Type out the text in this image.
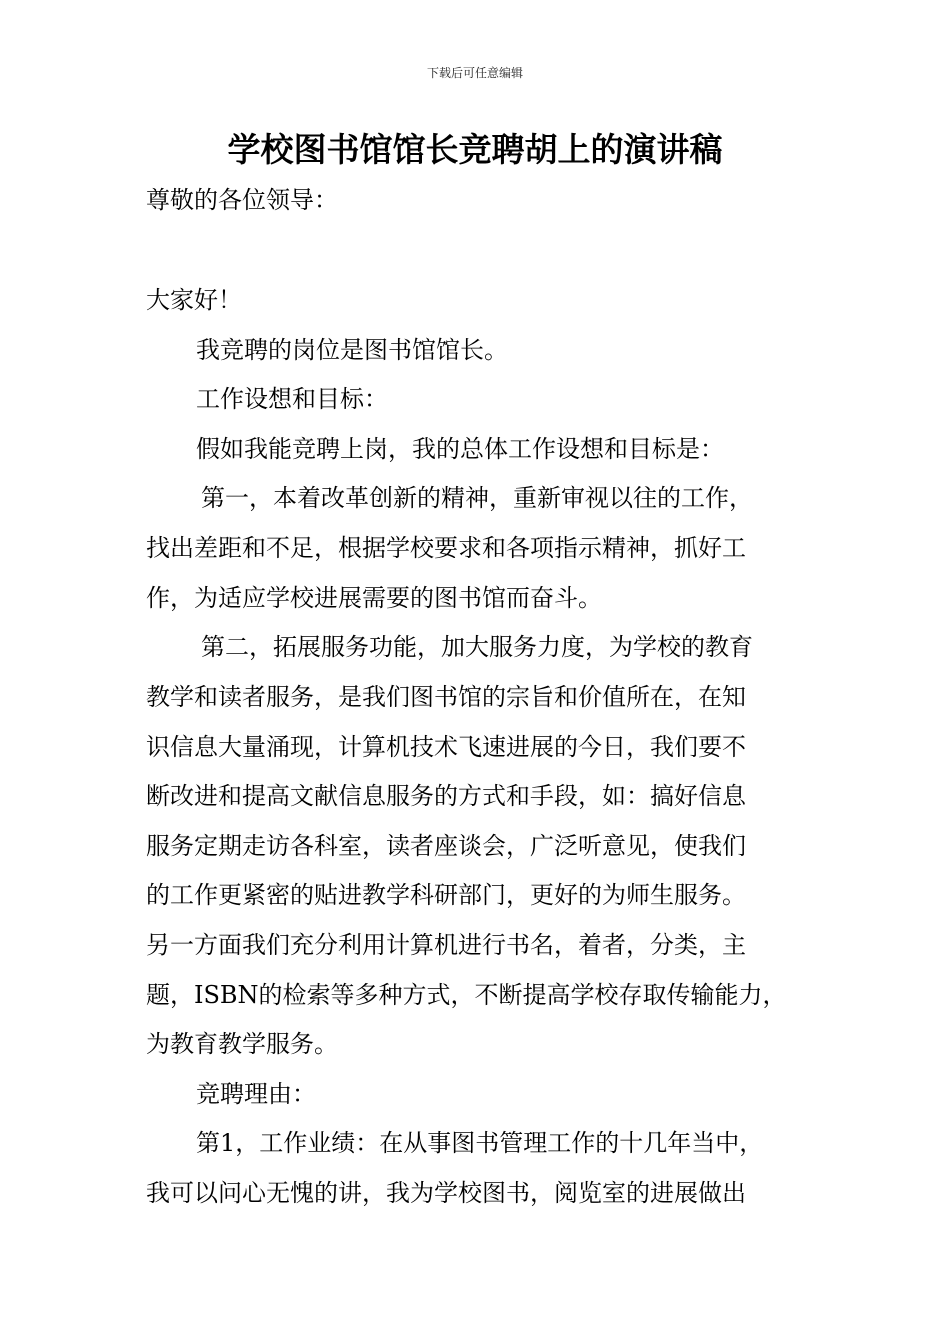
下载后可任意编辑
学校图书馆馆长竞聘胡上的演讲稿
尊敬的各位领导：
大家好！
我竞聘的岗位是图书馆馆长。
工作设想和目标：
假如我能竞聘上岗，我的总体工作设想和目标是：
第一，本着改革创新的精神，重新审视以往的工作，
找出差距和不足，根据学校要求和各项指示精神，抓好工
作，为适应学校进展需要的图书馆而奋斗。
第二，拓展服务功能，加大服务力度，为学校的教育
教学和读者服务，是我们图书馆的宗旨和价值所在，在知
识信息大量涌现，计算机技术飞速进展的今日，我们要不
断改进和提高文献信息服务的方式和手段，如：搞好信息
服务定期走访各科室，读者座谈会，广泛听意见，使我们
的工作更紧密的贴进教学科研部门，更好的为师生服务。
另一方面我们充分利用计算机进行书名，着者，分类，主
题，ISBN的检索等多种方式，不断提高学校存取传输能力，
为教育教学服务。
竞聘理由：
第1，工作业绩：在从事图书管理工作的十几年当中，
我可以问心无愧的讲，我为学校图书，阅览室的进展做出
